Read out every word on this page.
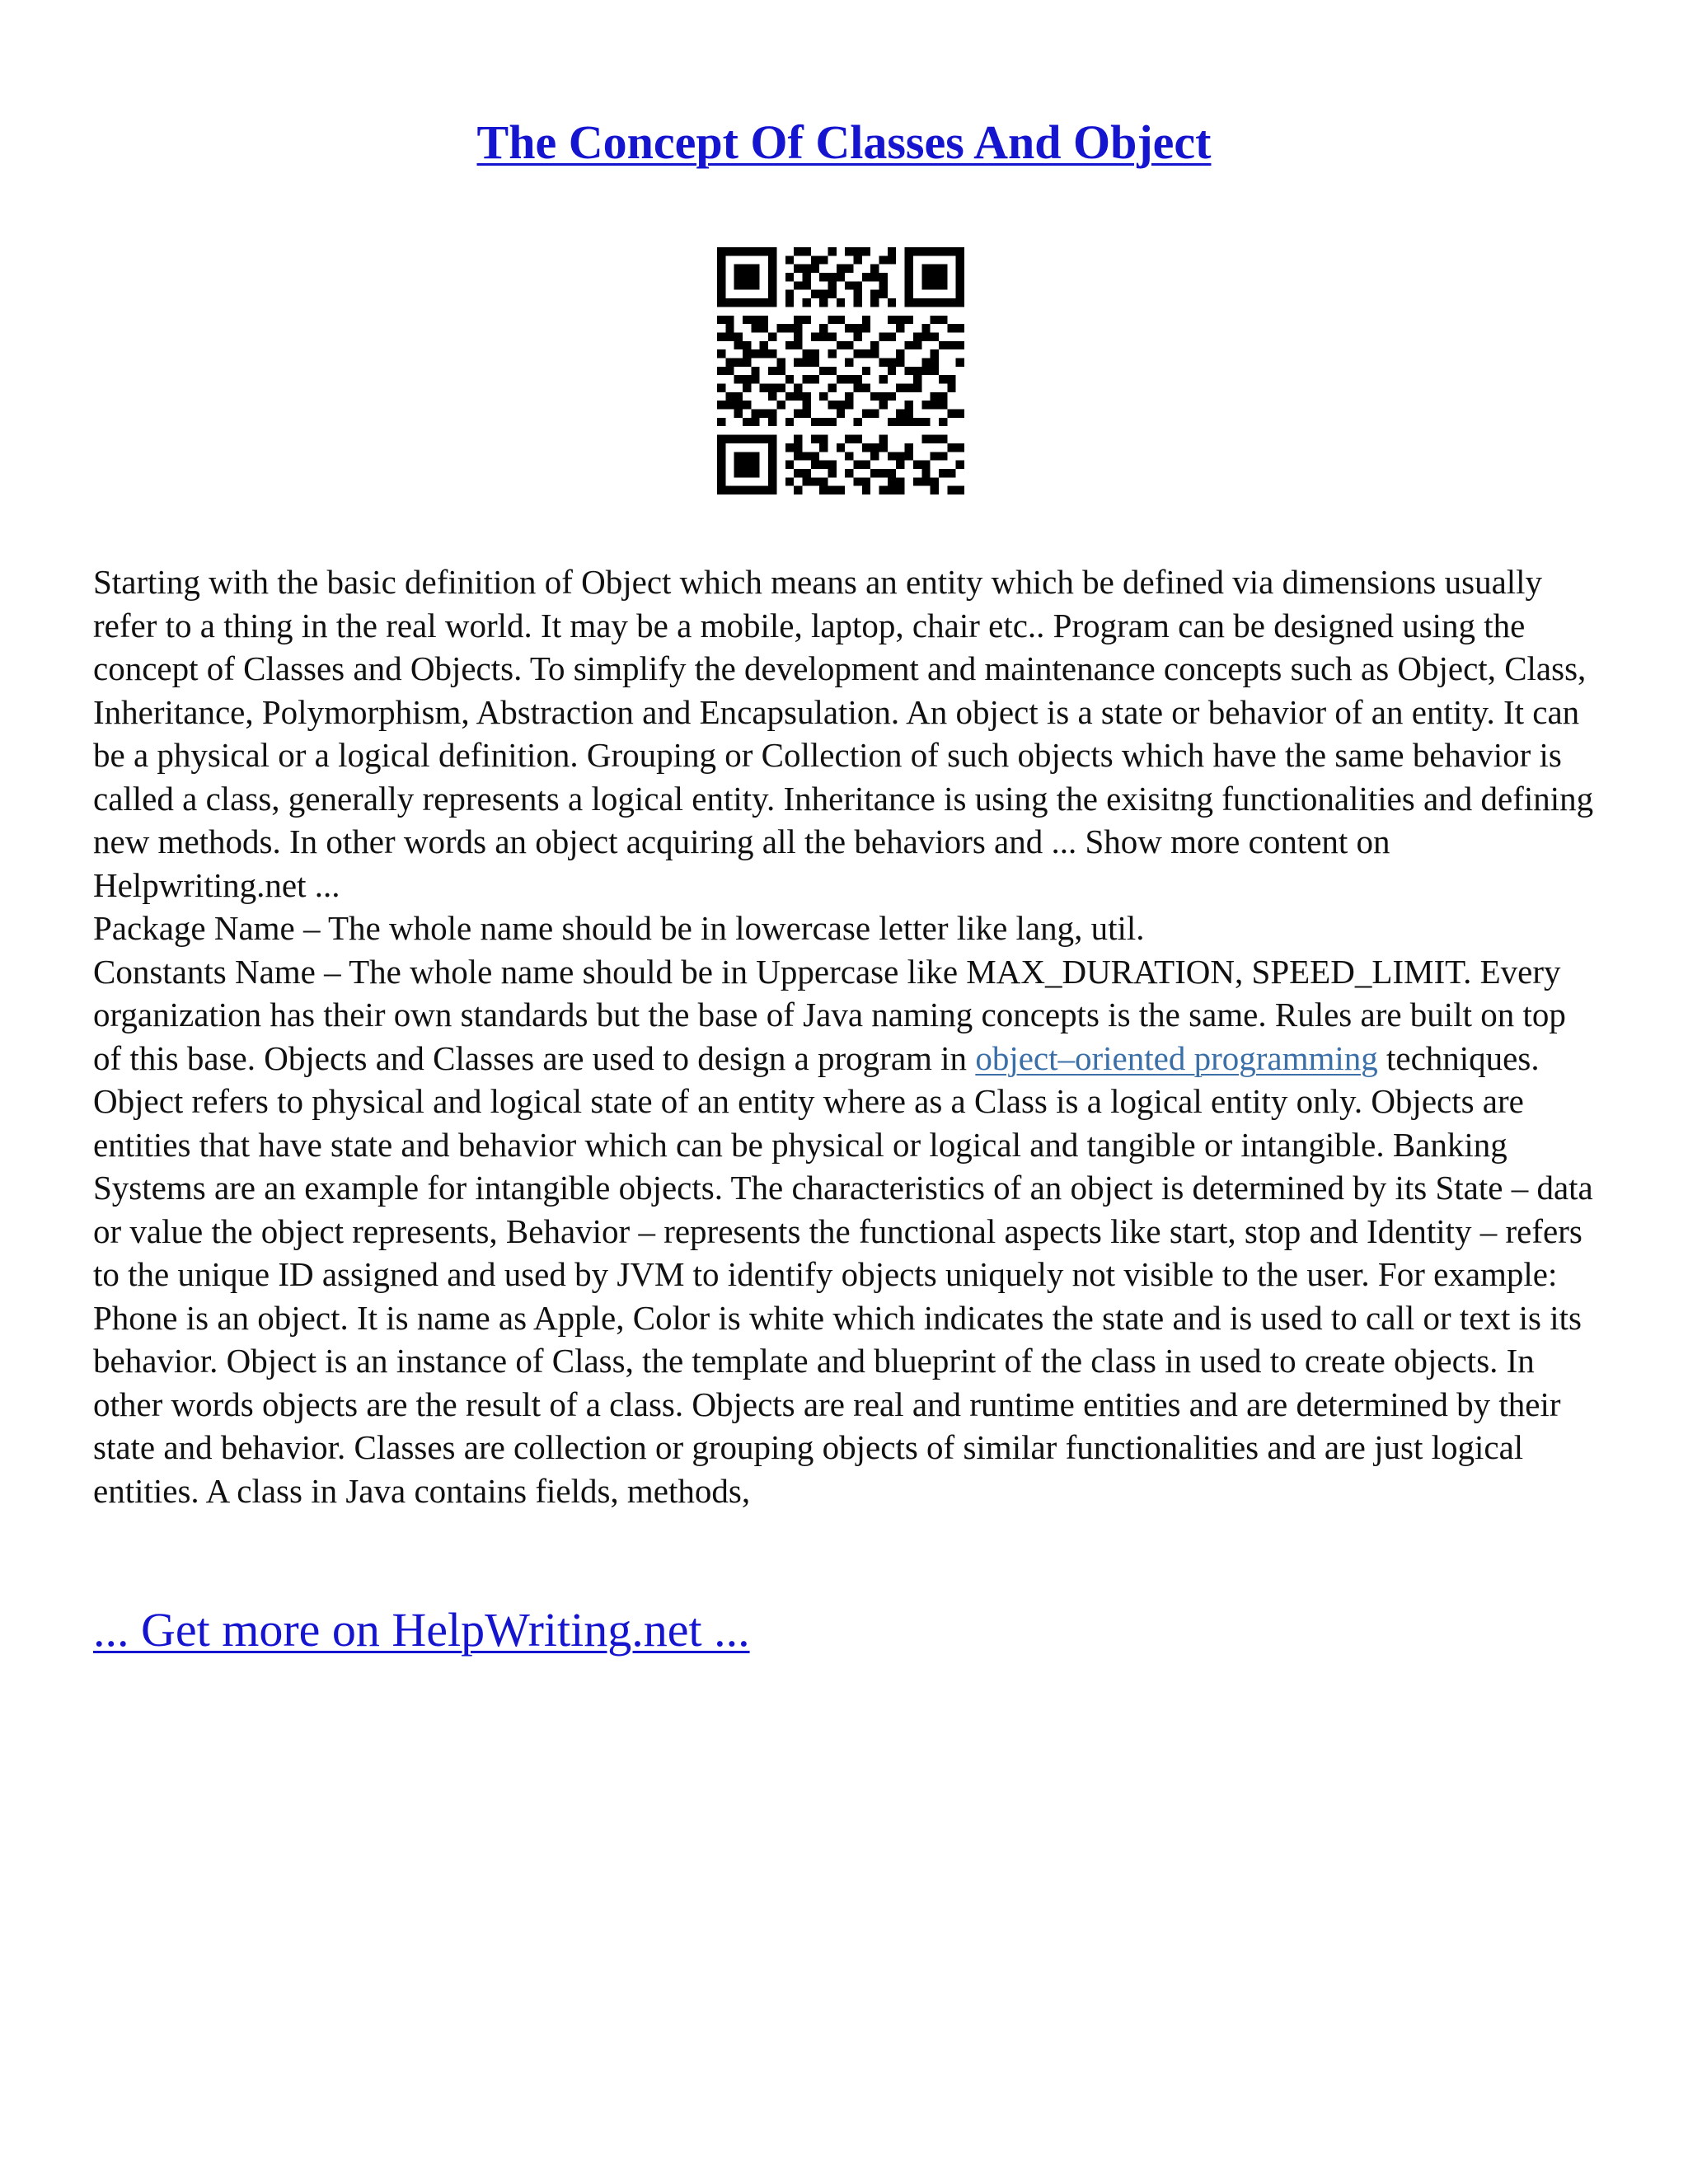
The Concept Of Classes And Object

Starting with the basic definition of Object which means an entity which be defined via dimensions usually refer to a thing in the real world. It may be a mobile, laptop, chair etc.. Program can be designed using the concept of Classes and Objects. To simplify the development and maintenance concepts such as Object, Class, Inheritance, Polymorphism, Abstraction and Encapsulation. An object is a state or behavior of an entity. It can be a physical or a logical definition. Grouping or Collection of such objects which have the same behavior is called a class, generally represents a logical entity. Inheritance is using the exisitng functionalities and defining new methods. In other words an object acquiring all the behaviors and ... Show more content on Helpwriting.net ...
Package Name – The whole name should be in lowercase letter like lang, util.
Constants Name – The whole name should be in Uppercase like MAX_DURATION, SPEED_LIMIT. Every organization has their own standards but the base of Java naming concepts is the same. Rules are built on top of this base. Objects and Classes are used to design a program in object–oriented programming techniques. Object refers to physical and logical state of an entity where as a Class is a logical entity only. Objects are entities that have state and behavior which can be physical or logical and tangible or intangible. Banking Systems are an example for intangible objects. The characteristics of an object is determined by its State – data or value the object represents, Behavior – represents the functional aspects like start, stop and Identity – refers to the unique ID assigned and used by JVM to identify objects uniquely not visible to the user. For example: Phone is an object. It is name as Apple, Color is white which indicates the state and is used to call or text is its behavior. Object is an instance of Class, the template and blueprint of the class in used to create objects. In other words objects are the result of a class. Objects are real and runtime entities and are determined by their state and behavior. Classes are collection or grouping objects of similar functionalities and are just logical entities. A class in Java contains fields, methods,

... Get more on HelpWriting.net ...
